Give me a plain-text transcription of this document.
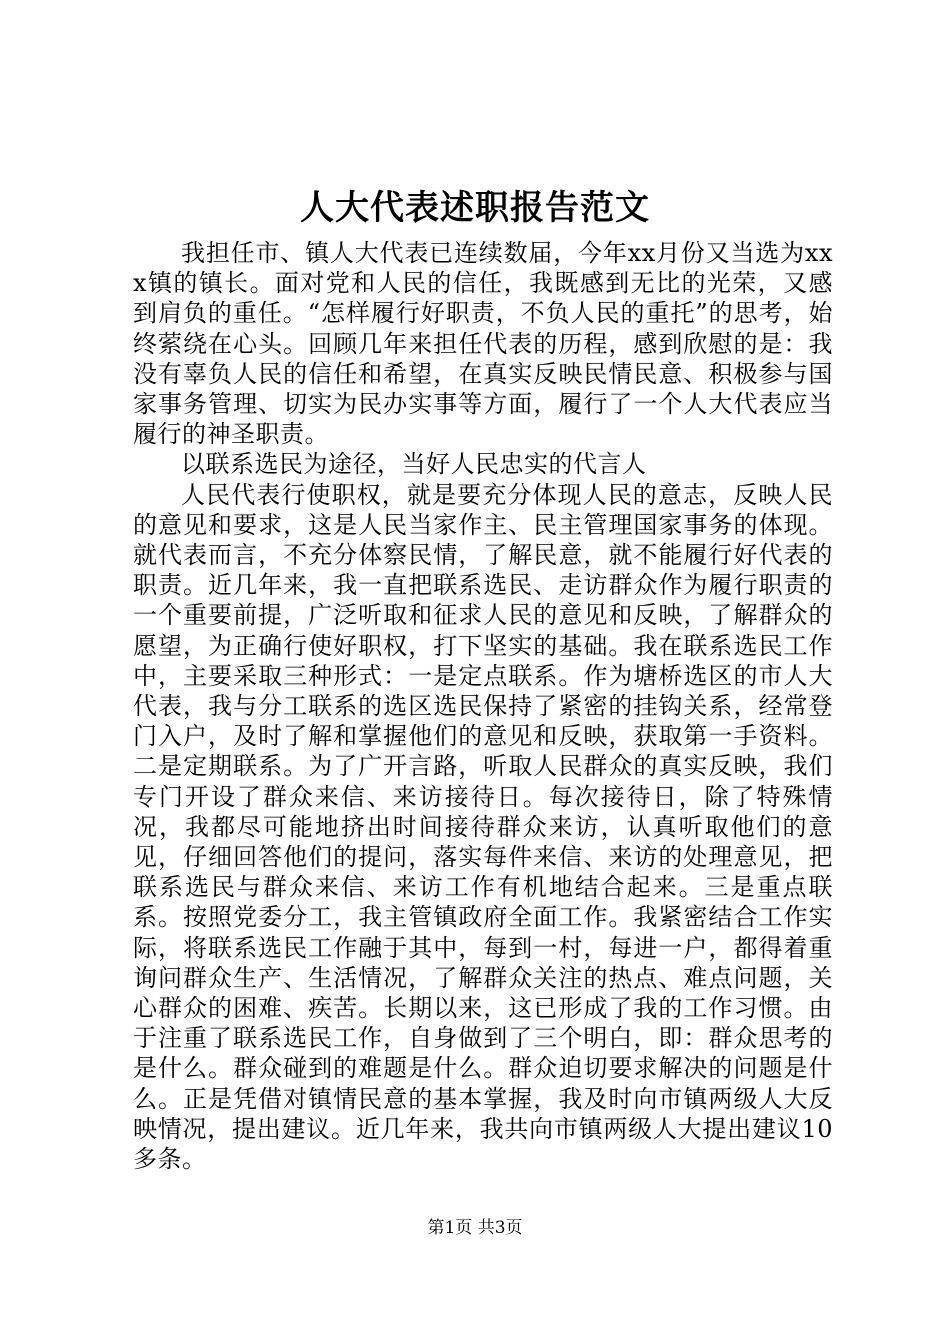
人大代表述职报告范文

我担任市、镇人大代表已连续数届，今年xx月份又当选为xxx镇的镇长。面对党和人民的信任，我既感到无比的光荣，又感到肩负的重任。“怎样履行好职责，不负人民的重托”的思考，始终萦绕在心头。回顾几年来担任代表的历程，感到欣慰的是：我没有辜负人民的信任和希望，在真实反映民情民意、积极参与国家事务管理、切实为民办实事等方面，履行了一个人大代表应当履行的神圣职责。

以联系选民为途径，当好人民忠实的代言人

人民代表行使职权，就是要充分体现人民的意志，反映人民的意见和要求，这是人民当家作主、民主管理国家事务的体现。就代表而言，不充分体察民情，了解民意，就不能履行好代表的职责。近几年来，我一直把联系选民、走访群众作为履行职责的一个重要前提，广泛听取和征求人民的意见和反映，了解群众的愿望，为正确行使好职权，打下坚实的基础。我在联系选民工作中，主要采取三种形式：一是定点联系。作为塘桥选区的市人大代表，我与分工联系的选区选民保持了紧密的挂钩关系，经常登门入户，及时了解和掌握他们的意见和反映，获取第一手资料。二是定期联系。为了广开言路，听取人民群众的真实反映，我们专门开设了群众来信、来访接待日。每次接待日，除了特殊情况，我都尽可能地挤出时间接待群众来访，认真听取他们的意见，仔细回答他们的提问，落实每件来信、来访的处理意见，把联系选民与群众来信、来访工作有机地结合起来。三是重点联系。按照党委分工，我主管镇政府全面工作。我紧密结合工作实际，将联系选民工作融于其中，每到一村，每进一户，都得着重询问群众生产、生活情况，了解群众关注的热点、难点问题，关心群众的困难、疾苦。长期以来，这已形成了我的工作习惯。由于注重了联系选民工作，自身做到了三个明白，即：群众思考的是什么。群众碰到的难题是什么。群众迫切要求解决的问题是什么。正是凭借对镇情民意的基本掌握，我及时向市镇两级人大反映情况，提出建议。近几年来，我共向市镇两级人大提出建议10多条。

第1页 共3页
